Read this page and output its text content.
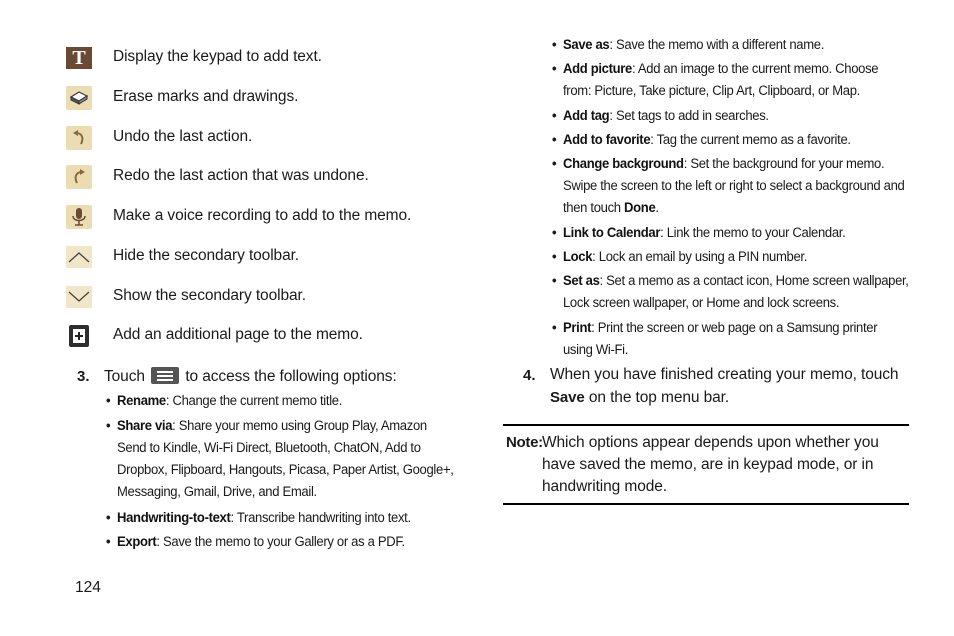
T	Display the keypad to add text.
Erase marks and drawings.
Undo the last action.
Redo the last action that was undone.
Make a voice recording to add to the memo.
Hide the secondary toolbar.
Show the secondary toolbar.
Add an additional page to the memo.
3. Touch	to access the following options:
• Rename: Change the current memo title.
• Share via: Share your memo using Group Play, Amazon Send to Kindle, Wi-Fi Direct, Bluetooth, ChatON, Add to Dropbox, Flipboard, Hangouts, Picasa, Paper Artist, Google+, Messaging, Gmail, Drive, and Email.
• Handwriting-to-text: Transcribe handwriting into text.
• Export: Save the memo to your Gallery or as a PDF.
• Save as: Save the memo with a different name.
• Add picture: Add an image to the current memo. Choose from: Picture, Take picture, Clip Art, Clipboard, or Map.
• Add tag: Set tags to add in searches.
• Add to favorite: Tag the current memo as a favorite.
• Change background: Set the background for your memo. Swipe the screen to the left or right to select a background and then touch Done.
• Link to Calendar: Link the memo to your Calendar.
• Lock: Lock an email by using a PIN number.
• Set as: Set a memo as a contact icon, Home screen wallpaper, Lock screen wallpaper, or Home and lock screens.
• Print: Print the screen or web page on a Samsung printer using Wi-Fi.
4. When you have finished creating your memo, touch
Save on the top menu bar.
Note: Which options appear depends upon whether you have saved the memo, are in keypad mode, or in handwriting mode.
124
